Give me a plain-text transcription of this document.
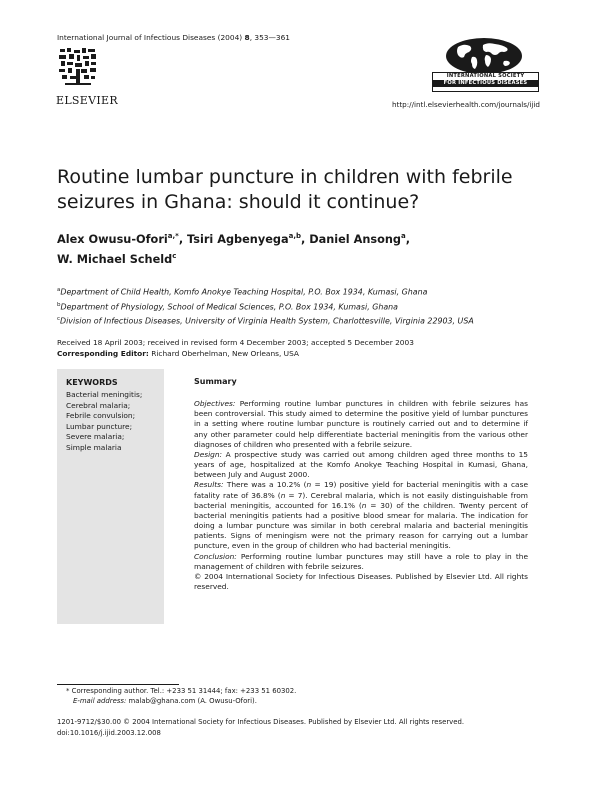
International Journal of Infectious Diseases (2004) 8, 353—361
ELSEVIER
INTERNATIONAL SOCIETY
FOR INFECTIOUS DISEASES
http://intl.elsevierhealth.com/journals/ijid
Routine lumbar puncture in children with febrile seizures in Ghana: should it continue?
Alex Owusu-Ofori$^{a,*}$, Tsiri Agbenyega$^{a,b}$, Daniel Ansong$^a$,
W. Michael Scheld$^c$
$^a$Department of Child Health, Komfo Anokye Teaching Hospital, P.O. Box 1934, Kumasi, Ghana
$^b$Department of Physiology, School of Medical Sciences, P.O. Box 1934, Kumasi, Ghana
$^c$Division of Infectious Diseases, University of Virginia Health System, Charlottesville, Virginia 22903, USA
Received 18 April 2003; received in revised form 4 December 2003; accepted 5 December 2003
Corresponding Editor: Richard Oberhelman, New Orleans, USA
KEYWORDS
Bacterial meningitis;
Cerebral malaria;
Febrile convulsion;
Lumbar puncture;
Severe malaria;
Simple malaria
Summary

Objectives: Performing routine lumbar punctures in children with febrile seizures has been controversial. This study aimed to determine the positive yield of lumbar punctures in a setting where routine lumbar puncture is routinely carried out and to determine if any other parameter could help differentiate bacterial meningitis from the various other diagnoses of children who presented with a febrile seizure.

Design: A prospective study was carried out among children aged three months to 15 years of age, hospitalized at the Komfo Anokye Teaching Hospital in Kumasi, Ghana, between July and August 2000.

Results: There was a 10.2% (n = 19) positive yield for bacterial meningitis with a case fatality rate of 36.8% (n = 7). Cerebral malaria, which is not easily distinguishable from bacterial meningitis, accounted for 16.1% (n = 30) of the children. Twenty percent of bacterial meningitis patients had a positive blood smear for malaria. The indication for doing a lumbar puncture was similar in both cerebral malaria and bacterial meningitis patients. Signs of meningism were not the primary reason for carrying out a lumbar puncture, even in the group of children who had bacterial meningitis.

Conclusion: Performing routine lumbar punctures may still have a role to play in the management of children with febrile seizures.

© 2004 International Society for Infectious Diseases. Published by Elsevier Ltd. All rights reserved.

* Corresponding author. Tel.: +233 51 31444; fax: +233 51 60302.
E-mail address: malab@ghana.com (A. Owusu-Ofori).
1201-9712/$30.00 © 2004 International Society for Infectious Diseases. Published by Elsevier Ltd. All rights reserved.
doi:10.1016/j.ijid.2003.12.008
